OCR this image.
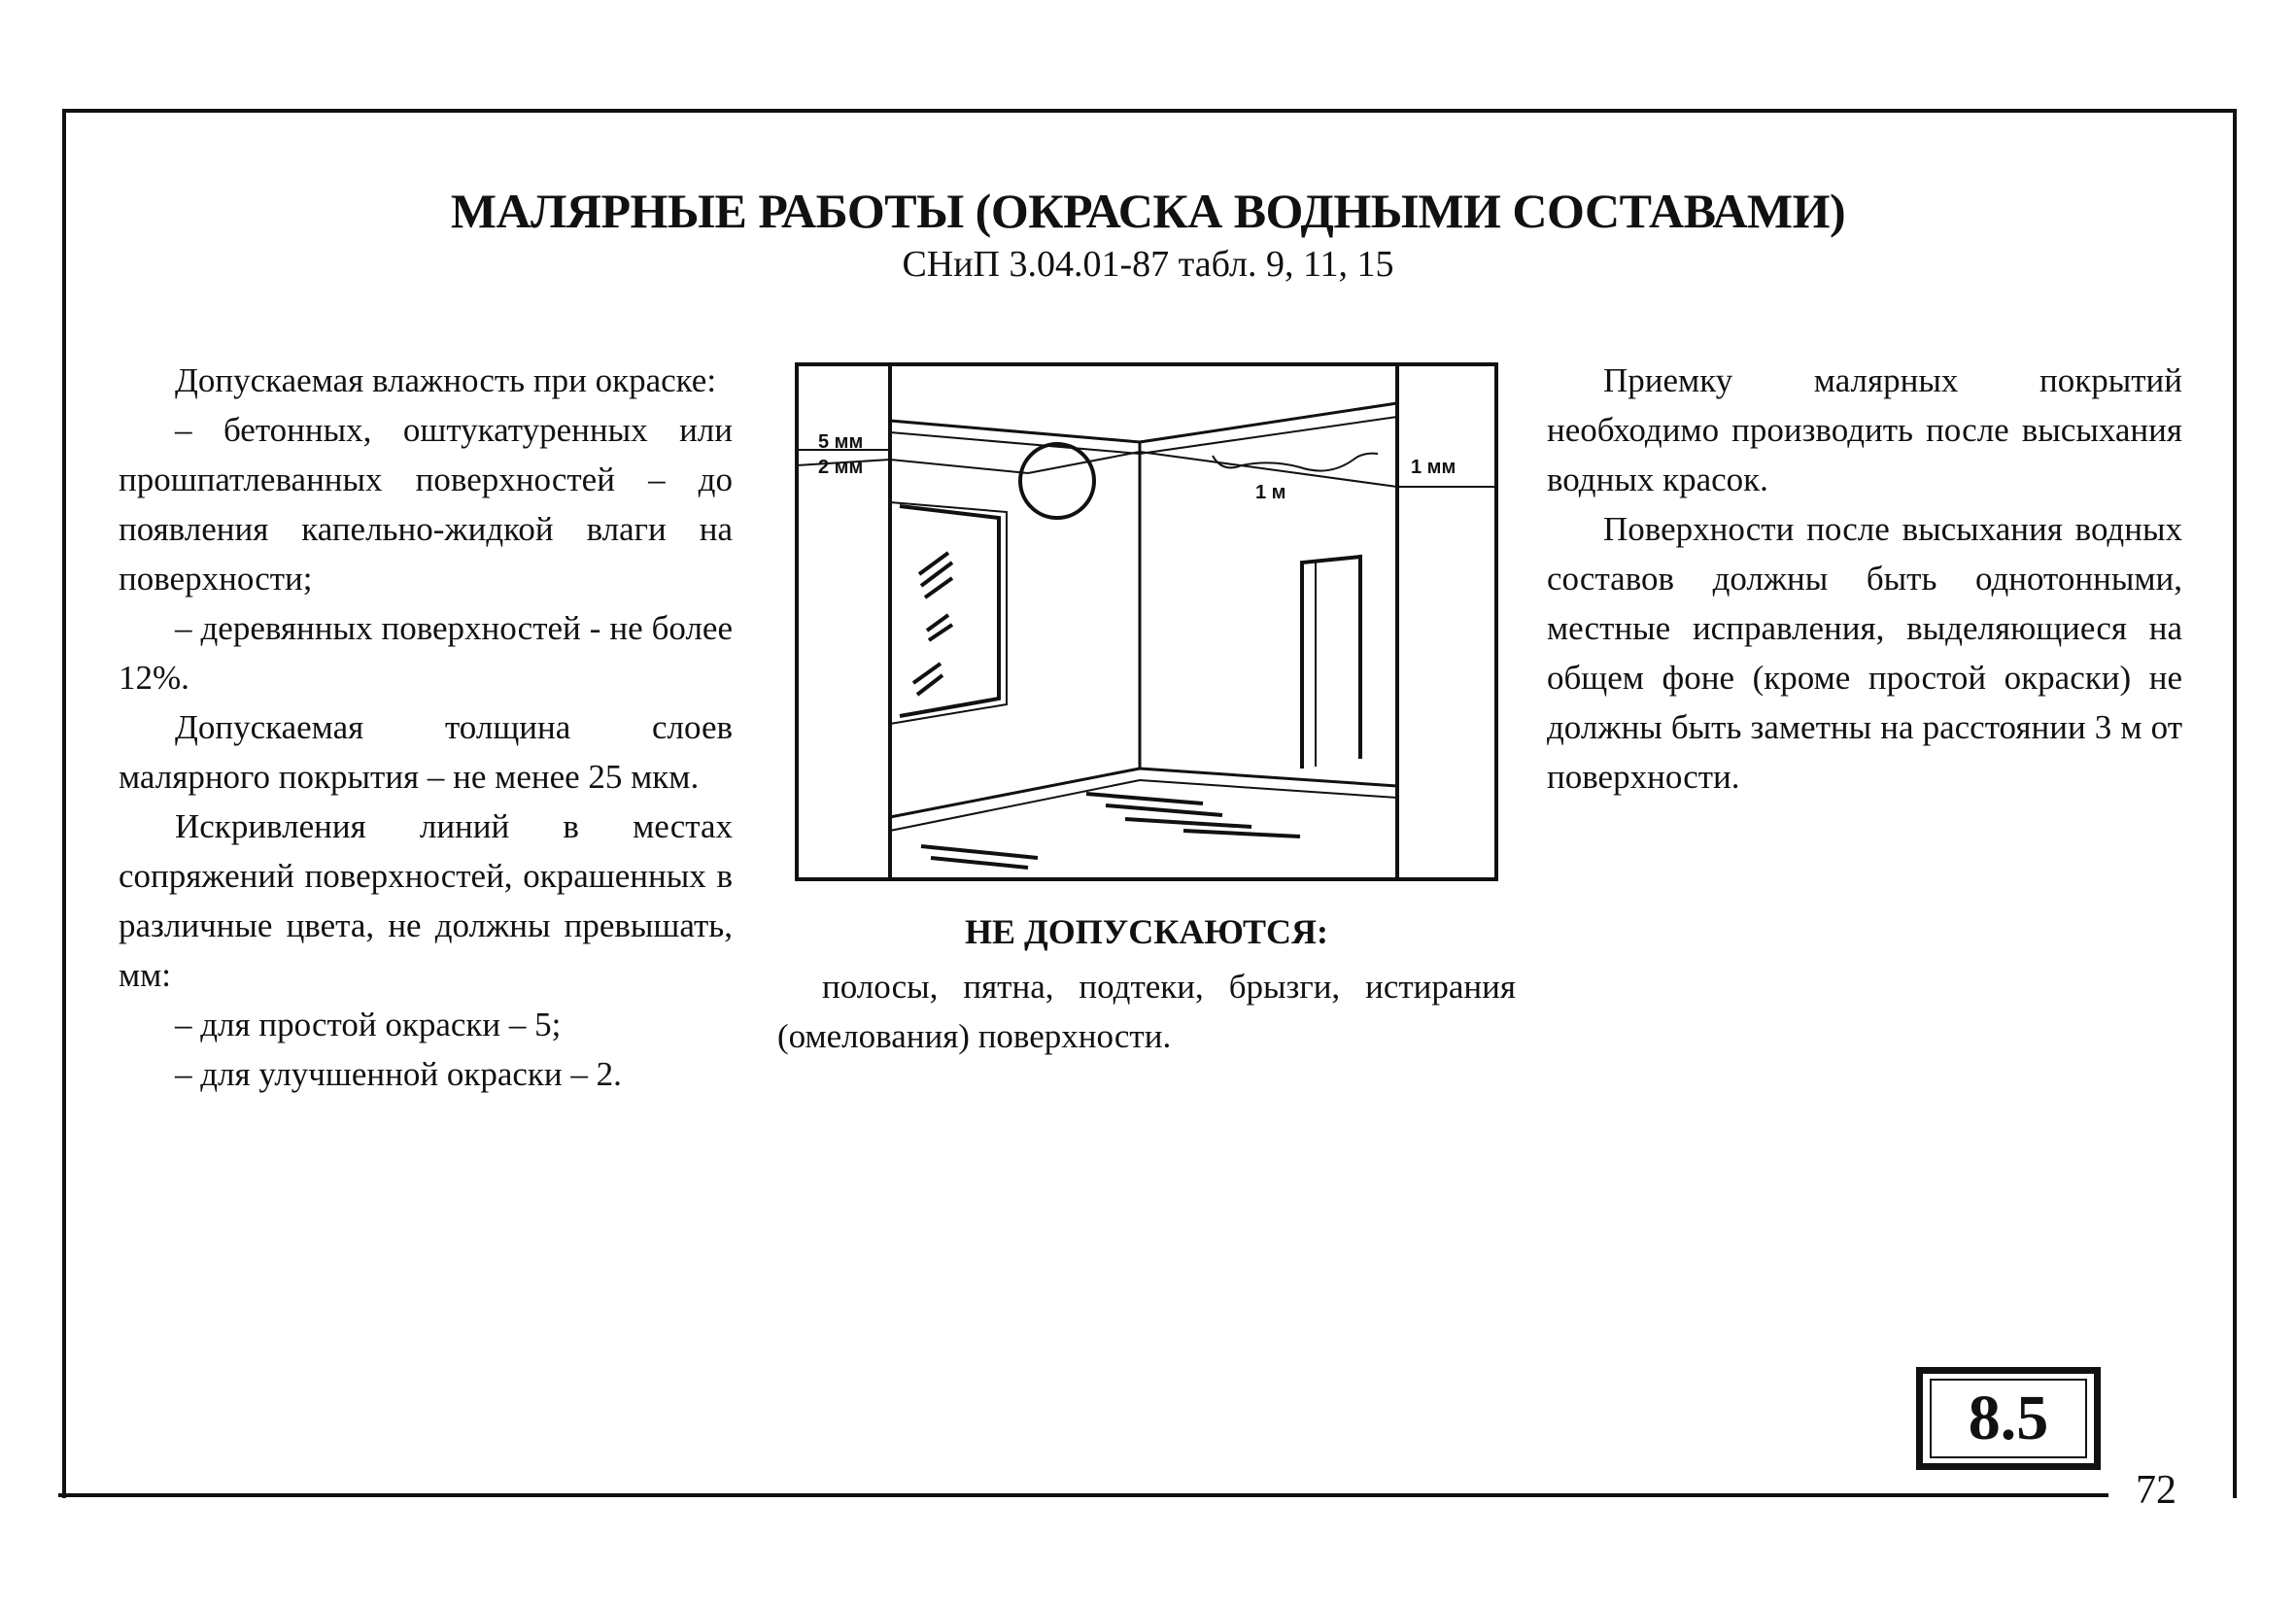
МАЛЯРНЫЕ РАБОТЫ (ОКРАСКА ВОДНЫМИ СОСТАВАМИ)
СНиП 3.04.01-87 табл. 9, 11, 15

Допускаемая влажность при окраске:

– бетонных, оштукатуренных или прошпатлеванных поверхностей – до появления капельно-жидкой влаги на поверхности;

– деревянных поверхностей - не более 12%.

Допускаемая толщина слоев малярного покрытия – не менее 25 мкм.

Искривления линий в местах сопряжений поверхностей, окрашенных в различные цвета, не должны превышать, мм:

– для простой окраски – 5;

– для улучшенной окраски – 2.

5 мм
2 мм
1 м
1 мм
НЕ ДОПУСКАЮТСЯ:

полосы, пятна, подтеки, брызги, истирания (омелования) поверхности.

Приемку малярных покрытий необходимо производить после высыхания водных красок.

Поверхности после высыхания водных составов должны быть однотонными, местные исправления, выделяющиеся на общем фоне (кроме простой окраски) не должны быть заметны на расстоянии 3 м от поверхности.

8.5
72
